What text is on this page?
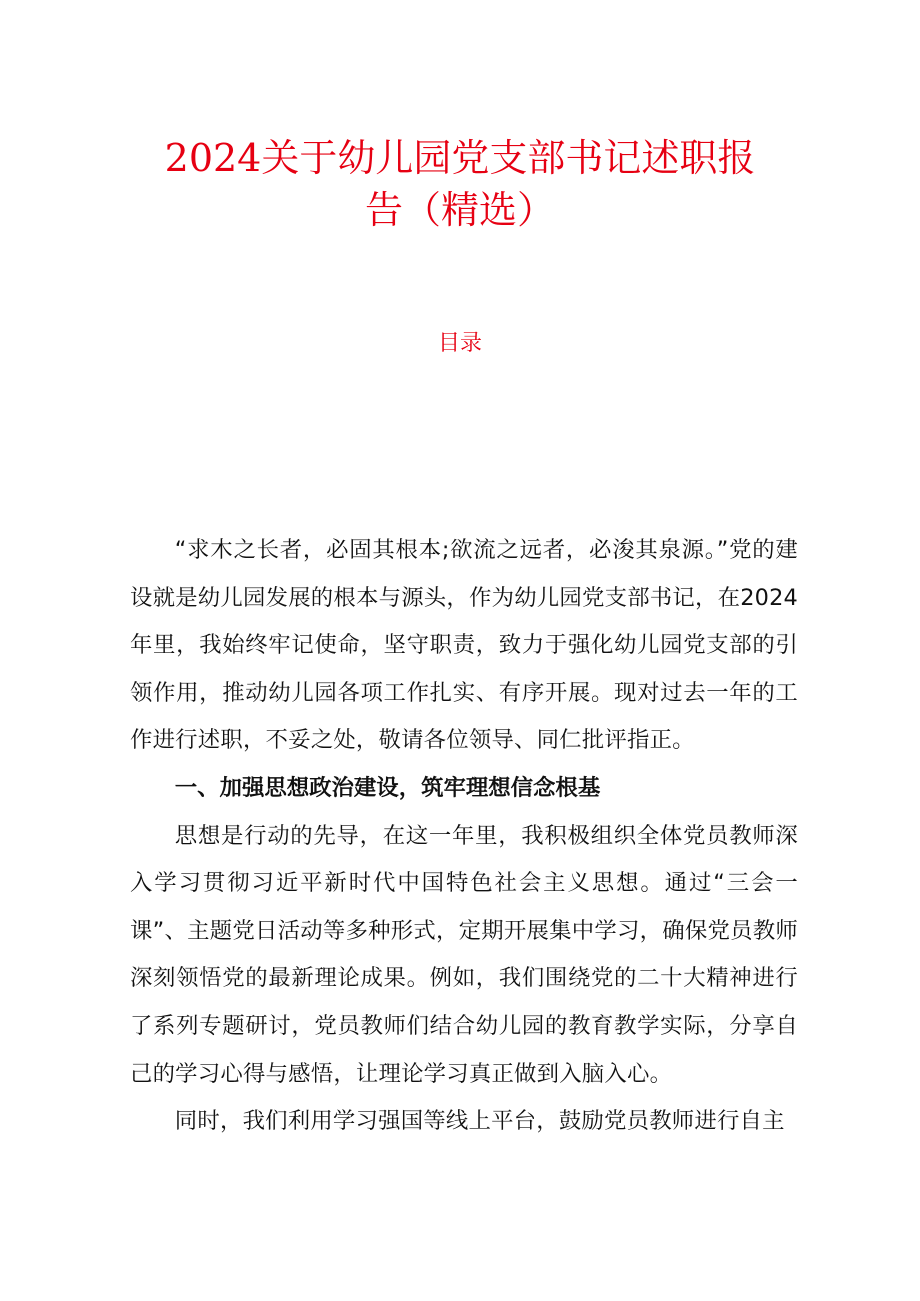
2024关于幼儿园党支部书记述职报
告（精选）
目录

“求木之长者，必固其根本;欲流之远者，必浚其泉源。”党的建设就是幼儿园发展的根本与源头，作为幼儿园党支部书记，在2024年里，我始终牢记使命，坚守职责，致力于强化幼儿园党支部的引领作用，推动幼儿园各项工作扎实、有序开展。现对过去一年的工作进行述职，不妥之处，敬请各位领导、同仁批评指正。

一、加强思想政治建设，筑牢理想信念根基

思想是行动的先导，在这一年里，我积极组织全体党员教师深入学习贯彻习近平新时代中国特色社会主义思想。通过“三会一课”、主题党日活动等多种形式，定期开展集中学习，确保党员教师深刻领悟党的最新理论成果。例如，我们围绕党的二十大精神进行了系列专题研讨，党员教师们结合幼儿园的教育教学实际，分享自己的学习心得与感悟，让理论学习真正做到入脑入心。

同时，我们利用学习强国等线上平台，鼓励党员教师进行自主
